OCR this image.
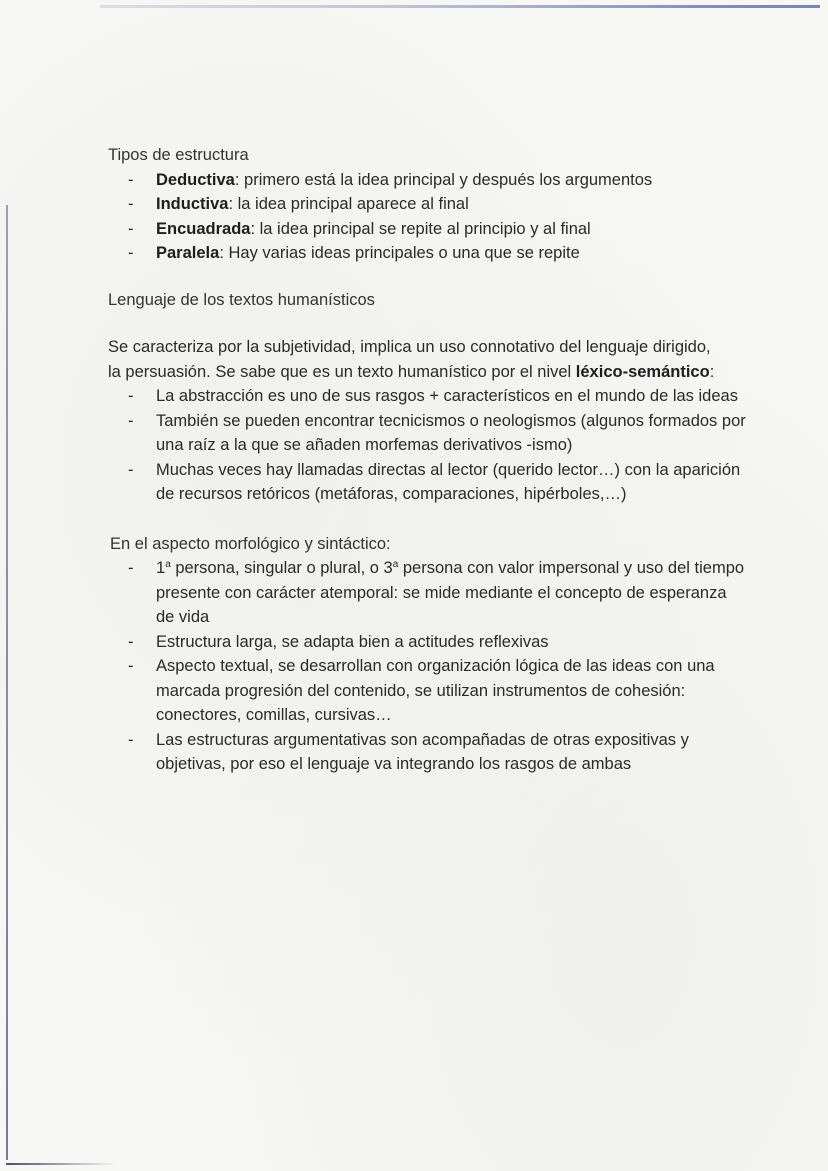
Tipos de estructura
- Deductiva: primero está la idea principal y después los argumentos
- Inductiva: la idea principal aparece al final
- Encuadrada: la idea principal se repite al principio y al final
- Paralela: Hay varias ideas principales o una que se repite
Lenguaje de los textos humanísticos

Se caracteriza por la subjetividad, implica un uso connotativo del lenguaje dirigido, la persuasión. Se sabe que es un texto humanístico por el nivel léxico-semántico:

- La abstracción es uno de sus rasgos + característicos en el mundo de las ideas
- También se pueden encontrar tecnicismos o neologismos (algunos formados por una raíz a la que se añaden morfemas derivativos -ismo)
- Muchas veces hay llamadas directas al lector (querido lector…) con la aparición de recursos retóricos (metáforas, comparaciones, hipérboles,…)
En el aspecto morfológico y sintáctico:
- 1$^a$ persona, singular o plural, o 3$^a$ persona con valor impersonal y uso del tiempo presente con carácter atemporal: se mide mediante el concepto de esperanza de vida
- Estructura larga, se adapta bien a actitudes reflexivas
- Aspecto textual, se desarrollan con organización lógica de las ideas con una marcada progresión del contenido, se utilizan instrumentos de cohesión: conectores, comillas, cursivas…
- Las estructuras argumentativas son acompañadas de otras expositivas y objetivas, por eso el lenguaje va integrando los rasgos de ambas
